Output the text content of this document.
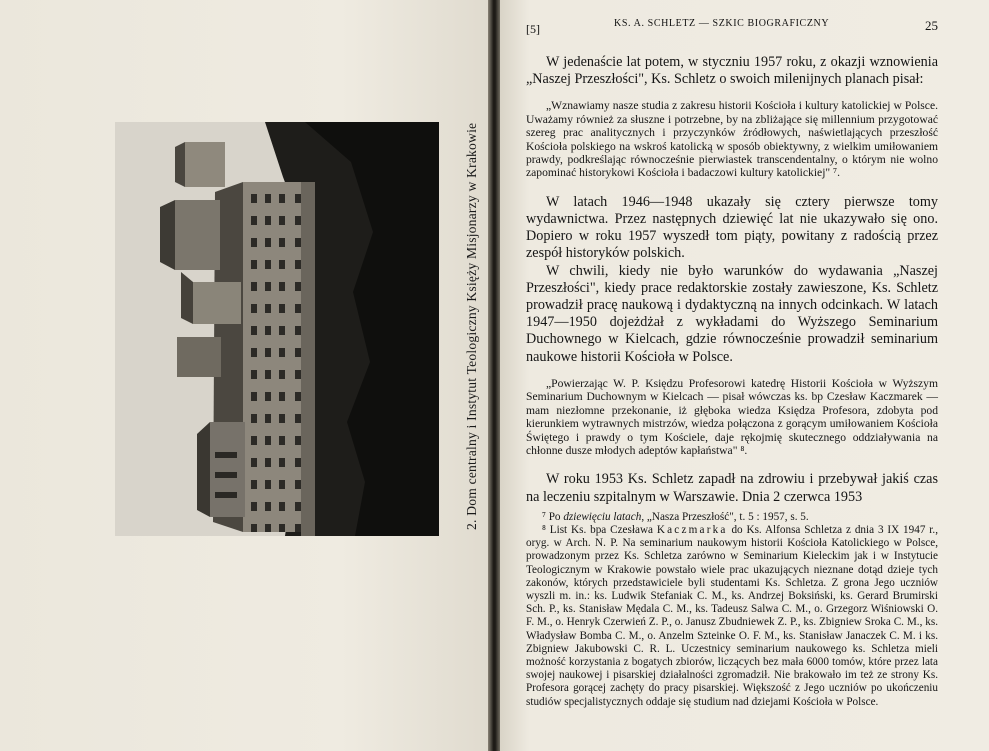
2. Dom centralny i Instytut Teologiczny Księży Misjonarzy w Krakowie
[5]	KS. A. SCHLETZ — SZKIC BIOGRAFICZNY	25

W jedenaście lat potem, w styczniu 1957 roku, z okazji wznowienia „Naszej Przeszłości", Ks. Schletz o swoich milenijnych planach pisał:

„Wznawiamy nasze studia z zakresu historii Kościoła i kultury katolickiej w Polsce. Uważamy również za słuszne i potrzebne, by na zbliżające się millennium przygotować szereg prac analitycznych i przyczynków źródłowych, naświetlających przeszłość Kościoła polskiego na wskroś katolicką w sposób obiektywny, z wielkim umiłowaniem prawdy, podkreślając równocześnie pierwiastek transcendentalny, o którym nie wolno zapominać historykowi Kościoła i badaczowi kultury katolickiej" ⁷.

W latach 1946—1948 ukazały się cztery pierwsze tomy wydawnictwa. Przez następnych dziewięć lat nie ukazywało się ono. Dopiero w roku 1957 wyszedł tom piąty, powitany z radością przez zespół historyków polskich.

W chwili, kiedy nie było warunków do wydawania „Naszej Przeszłości", kiedy prace redaktorskie zostały zawieszone, Ks. Schletz prowadził pracę naukową i dydaktyczną na innych odcinkach. W latach 1947—1950 dojeżdżał z wykładami do Wyższego Seminarium Duchownego w Kielcach, gdzie równocześnie prowadził seminarium naukowe historii Kościoła w Polsce.

„Powierzając W. P. Księdzu Profesorowi katedrę Historii Kościoła w Wyższym Seminarium Duchownym w Kielcach — pisał wówczas ks. bp Czesław Kaczmarek — mam niezłomne przekonanie, iż głęboka wiedza Księdza Profesora, zdobyta pod kierunkiem wytrawnych mistrzów, wiedza połączona z gorącym umiłowaniem Kościoła Świętego i prawdy o tym Kościele, daje rękojmię skutecznego oddziaływania na chłonne dusze młodych adeptów kapłaństwa" ⁸.

W roku 1953 Ks. Schletz zapadł na zdrowiu i przebywał jakiś czas na leczeniu szpitalnym w Warszawie. Dnia 2 czerwca 1953

⁷ Po dziewięciu latach, „Nasza Przeszłość", t. 5 : 1957, s. 5.

⁸ List Ks. bpa Czesława Kaczmarka do Ks. Alfonsa Schletza z dnia 3 IX 1947 r., oryg. w Arch. N. P. Na seminarium naukowym historii Kościoła Katolickiego w Polsce, prowadzonym przez Ks. Schletza zarówno w Seminarium Kieleckim jak i w Instytucie Teologicznym w Krakowie powstało wiele prac ukazujących nieznane dotąd dzieje tych zakonów, których przedstawiciele byli studentami Ks. Schletza. Z grona Jego uczniów wyszli m. in.: ks. Ludwik Stefaniak C. M., ks. Andrzej Boksiński, ks. Gerard Brumirski Sch. P., ks. Stanisław Mędala C. M., ks. Tadeusz Salwa C. M., o. Grzegorz Wiśniowski O. F. M., o. Henryk Czerwień Z. P., o. Janusz Zbudniewek Z. P., ks. Zbigniew Sroka C. M., ks. Władysław Bomba C. M., o. Anzelm Szteinke O. F. M., ks. Stanisław Janaczek C. M. i ks. Zbigniew Jakubowski C. R. L. Uczestnicy seminarium naukowego ks. Schletza mieli możność korzystania z bogatych zbiorów, liczących bez mała 6000 tomów, które przez lata swojej naukowej i pisarskiej działalności zgromadził. Nie brakowało im też ze strony Ks. Profesora gorącej zachęty do pracy pisarskiej. Większość z Jego uczniów po ukończeniu studiów specjalistycznych oddaje się studium nad dziejami Kościoła w Polsce.
